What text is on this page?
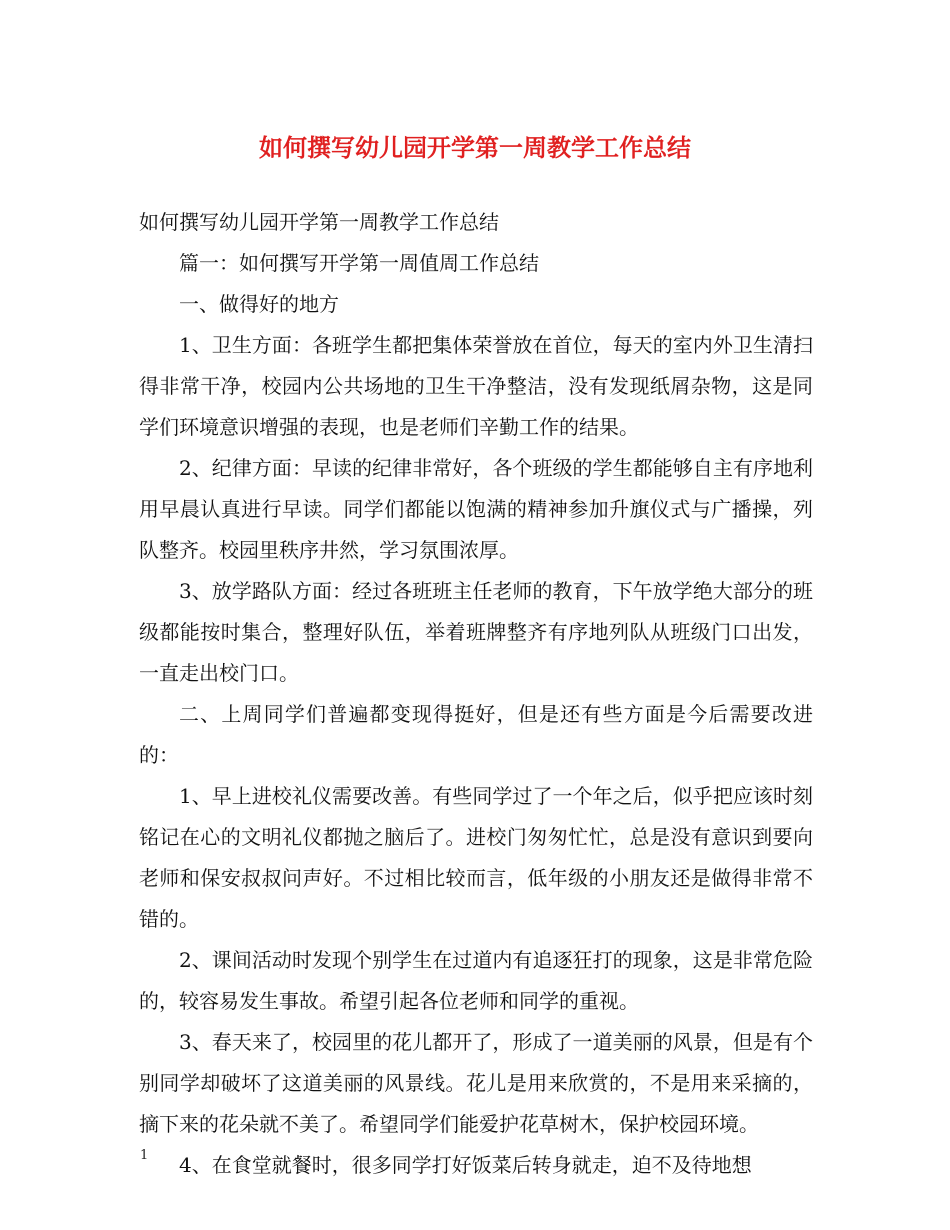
如何撰写幼儿园开学第一周教学工作总结

如何撰写幼儿园开学第一周教学工作总结

篇一：如何撰写开学第一周值周工作总结

一、做得好的地方

1、卫生方面：各班学生都把集体荣誉放在首位，每天的室内外卫生清扫得非常干净，校园内公共场地的卫生干净整洁，没有发现纸屑杂物，这是同学们环境意识增强的表现，也是老师们辛勤工作的结果。

2、纪律方面：早读的纪律非常好，各个班级的学生都能够自主有序地利用早晨认真进行早读。同学们都能以饱满的精神参加升旗仪式与广播操，列队整齐。校园里秩序井然，学习氛围浓厚。

3、放学路队方面：经过各班班主任老师的教育，下午放学绝大部分的班级都能按时集合，整理好队伍，举着班牌整齐有序地列队从班级门口出发，一直走出校门口。

二、上周同学们普遍都变现得挺好，但是还有些方面是今后需要改进的：

1、早上进校礼仪需要改善。有些同学过了一个年之后，似乎把应该时刻铭记在心的文明礼仪都抛之脑后了。进校门匆匆忙忙，总是没有意识到要向老师和保安叔叔问声好。不过相比较而言，低年级的小朋友还是做得非常不错的。

2、课间活动时发现个别学生在过道内有追逐狂打的现象，这是非常危险的，较容易发生事故。希望引起各位老师和同学的重视。

3、春天来了，校园里的花儿都开了，形成了一道美丽的风景，但是有个别同学却破坏了这道美丽的风景线。花儿是用来欣赏的，不是用来采摘的，摘下来的花朵就不美了。希望同学们能爱护花草树木，保护校园环境。

4、在食堂就餐时，很多同学打好饭菜后转身就走，迫不及待地想

1
